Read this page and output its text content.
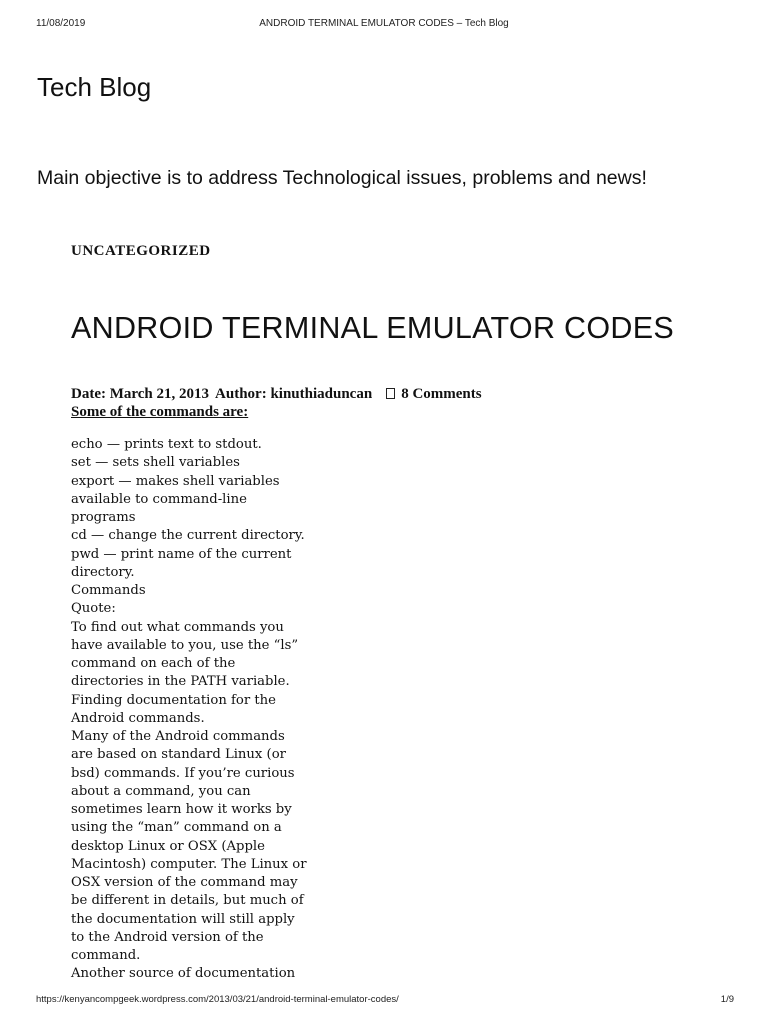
11/08/2019	ANDROID TERMINAL EMULATOR CODES – Tech Blog
Tech Blog

Main objective is to address Technological issues, problems and news!

UNCATEGORIZED
ANDROID TERMINAL EMULATOR CODES
Date: March 21, 2013 Author: kinuthiaduncan 8 Comments
Some of the commands are:
echo — prints text to stdout.
set — sets shell variables
export — makes shell variables
available to command-line
programs
cd — change the current directory.
pwd — print name of the current
directory.
Commands
Quote:
To find out what commands you
have available to you, use the “ls”
command on each of the
directories in the PATH variable.
Finding documentation for the
Android commands.
Many of the Android commands
are based on standard Linux (or
bsd) commands. If you’re curious
about a command, you can
sometimes learn how it works by
using the “man” command on a
desktop Linux or OSX (Apple
Macintosh) computer. The Linux or
OSX version of the command may
be different in details, but much of
the documentation will still apply
to the Android version of the
command.
Another source of documentation
https://kenyancompgeek.wordpress.com/2013/03/21/android-terminal-emulator-codes/	1/9
